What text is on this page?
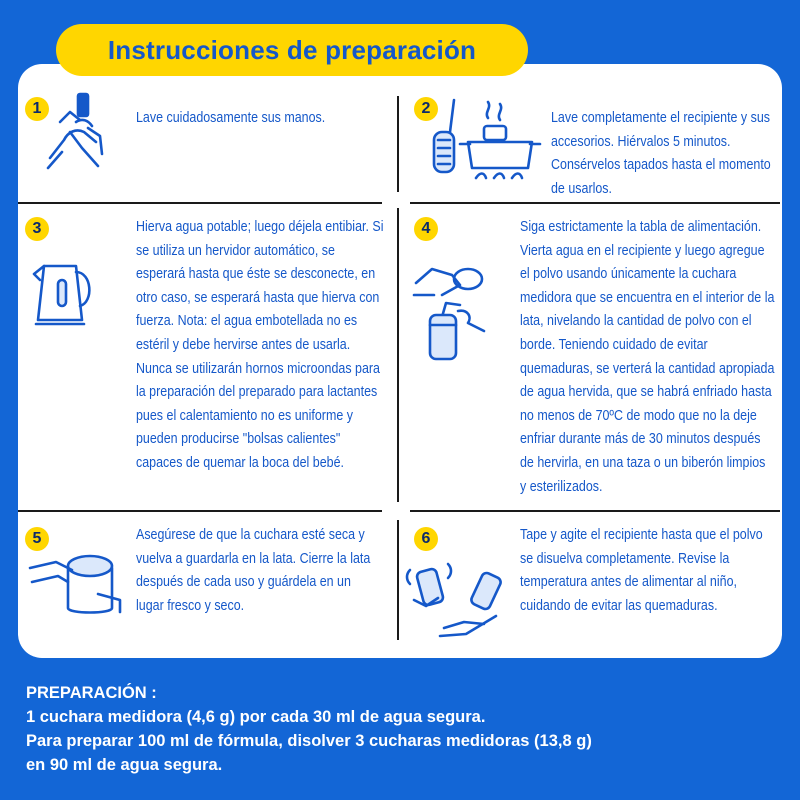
Instrucciones de preparación
1
Lave cuidadosamente sus manos.
2
Lave completamente el recipiente y sus accesorios. Hiérvalos 5 minutos. Consérvelos tapados hasta el momento de usarlos.
3	Hierva agua potable; luego déjela entibiar. Si se utiliza un hervidor automático, se esperará hasta que éste se desconecte, en otro caso, se esperará hasta que hierva con fuerza. Nota: el agua embotellada no es estéril y debe hervirse antes de usarla. Nunca se utilizarán hornos microondas para la preparación del preparado para lactantes pues el calentamiento no es uniforme y pueden producirse "bolsas calientes" capaces de quemar la boca del bebé.
4	Siga estrictamente la tabla de alimentación. Vierta agua en el recipiente y luego agregue el polvo usando únicamente la cuchara medidora que se encuentra en el interior de la lata, nivelando la cantidad de polvo con el borde. Teniendo cuidado de evitar quemaduras, se verterá la cantidad apropiada de agua hervida, que se habrá enfriado hasta no menos de 70ºC de modo que no la deje enfriar durante más de 30 minutos después de hervirla, en una taza o un biberón limpios y esterilizados.
5	Asegúrese de que la cuchara esté seca y vuelva a guardarla en la lata. Cierre la lata después de cada uso y guárdela en un lugar fresco y seco.
6	Tape y agite el recipiente hasta que el polvo se disuelva completamente. Revise la temperatura antes de alimentar al niño, cuidando de evitar las quemaduras.
PREPARACIÓN :
1 cuchara medidora (4,6 g) por cada 30 ml de agua segura.
Para preparar 100 ml de fórmula, disolver 3 cucharas medidoras (13,8 g)
en 90 ml de agua segura.
